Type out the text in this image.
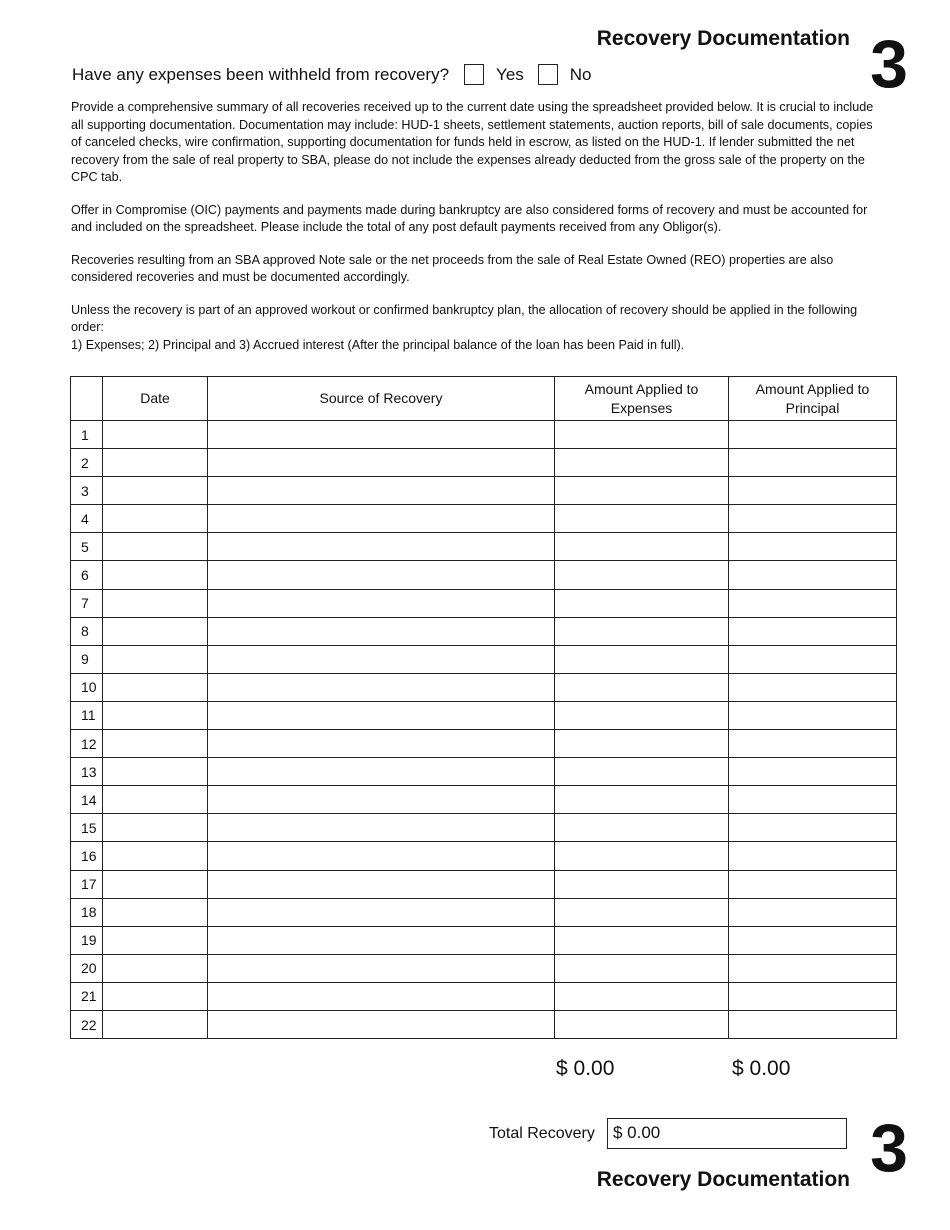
Recovery Documentation 3
Have any expenses been withheld from recovery?	Yes	No

Provide a comprehensive summary of all recoveries received up to the current date using the spreadsheet provided below. It is crucial to include all supporting documentation. Documentation may include: HUD-1 sheets, settlement statements, auction reports, bill of sale documents, copies of canceled checks, wire confirmation, supporting documentation for funds held in escrow, as listed on the HUD-1. If lender submitted the net recovery from the sale of real property to SBA, please do not include the expenses already deducted from the gross sale of the property on the CPC tab.

Offer in Compromise (OIC) payments and payments made during bankruptcy are also considered forms of recovery and must be accounted for and included on the spreadsheet. Please include the total of any post default payments received from any Obligor(s).

Recoveries resulting from an SBA approved Note sale or the net proceeds from the sale of Real Estate Owned (REO) properties are also considered recoveries and must be documented accordingly.

Unless the recovery is part of an approved workout or confirmed bankruptcy plan, the allocation of recovery should be applied in the following order:
1) Expenses; 2) Principal and 3) Accrued interest (After the principal balance of the loan has been Paid in full).

	Date	Source of Recovery	Amount Applied to Expenses	Amount Applied to Principal
1				
2				
3				
4				
5				
6				
7				
8				
9				
10				
11				
12				
13				
14				
15				
16				
17				
18				
19				
20				
21				
22				
$ 0.00	$ 0.00
Total Recovery	$ 0.00
Recovery Documentation 3
